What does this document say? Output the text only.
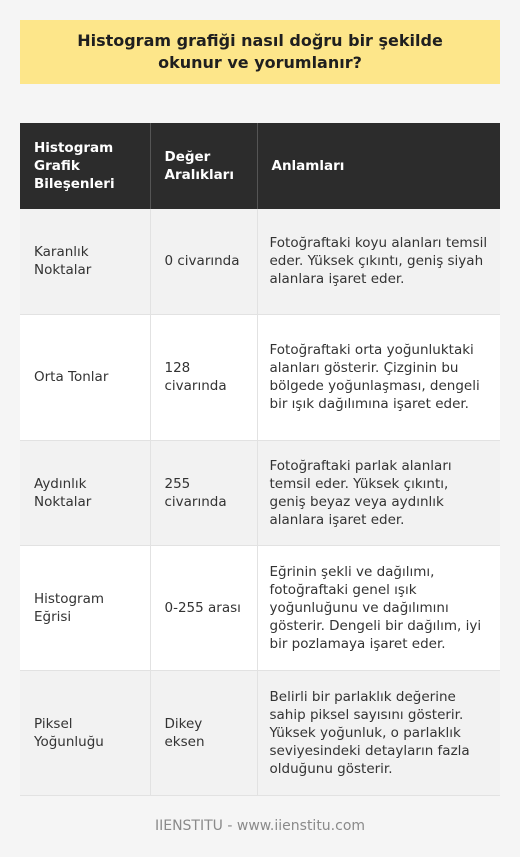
Histogram grafiği nasıl doğru bir şekilde okunur ve yorumlanır?
Histogram Grafik Bileşenleri	Değer Aralıkları	Anlamları
Karanlık Noktalar	0 civarında	Fotoğraftaki koyu alanları temsil eder. Yüksek çıkıntı, geniş siyah alanlara işaret eder.
Orta Tonlar	128 civarında	Fotoğraftaki orta yoğunluktaki alanları gösterir. Çizginin bu bölgede yoğunlaşması, dengeli bir ışık dağılımına işaret eder.
Aydınlık Noktalar	255 civarında	Fotoğraftaki parlak alanları temsil eder. Yüksek çıkıntı, geniş beyaz veya aydınlık alanlara işaret eder.
Histogram Eğrisi	0-255 arası	Eğrinin şekli ve dağılımı, fotoğraftaki genel ışık yoğunluğunu ve dağılımını gösterir. Dengeli bir dağılım, iyi bir pozlamaya işaret eder.
Piksel Yoğunluğu	Dikey eksen	Belirli bir parlaklık değerine sahip piksel sayısını gösterir. Yüksek yoğunluk, o parlaklık seviyesindeki detayların fazla olduğunu gösterir.
IIENSTITU - www.iienstitu.com
